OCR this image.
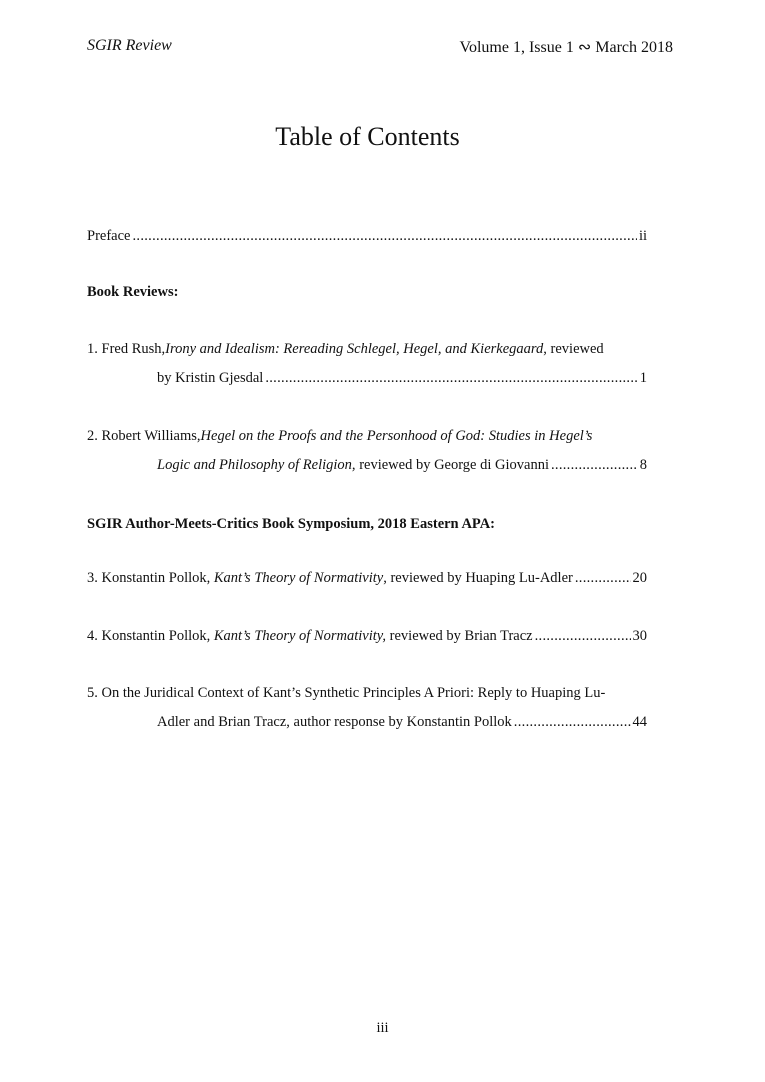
SGIR Review	Volume 1, Issue 1 ∾ March 2018
Table of Contents
Preface .....	ii
Book Reviews:
1. Fred Rush, Irony and Idealism: Rereading Schlegel, Hegel, and Kierkegaard , reviewed
by Kristin Gjesdal .....	1
2. Robert Williams, Hegel on the Proofs and the Personhood of God: Studies in Hegel’s
Logic and Philosophy of Religion, reviewed by George di Giovanni .....	8
SGIR Author-Meets-Critics Book Symposium, 2018 Eastern APA:
3. Konstantin Pollok, Kant’s Theory of Normativity , reviewed by Huaping Lu-Adler .....	20
4. Konstantin Pollok, Kant’s Theory of Normativity, reviewed by Brian Tracz .....	30
5. On the Juridical Context of Kant’s Synthetic Principles A Priori: Reply to Huaping Lu-
Adler and Brian Tracz, author response by Konstantin Pollok .....	44
iii
